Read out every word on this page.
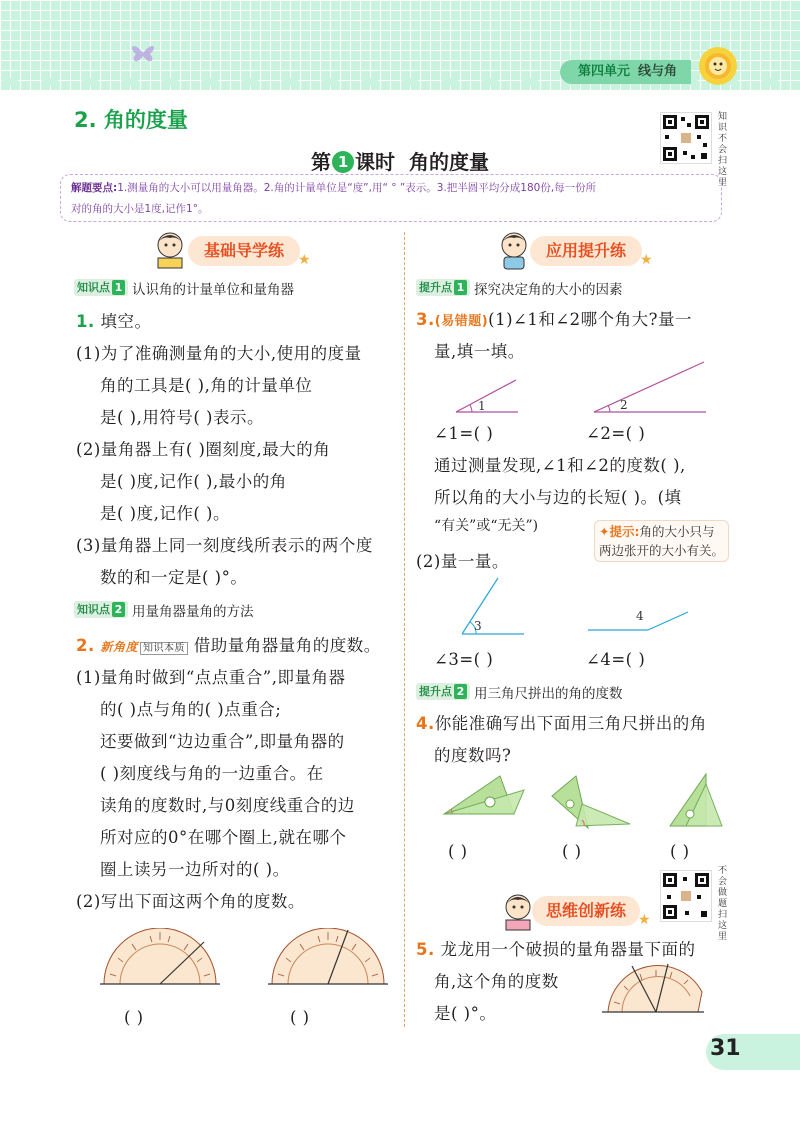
第四单元 线与角
2. 角的度量
第 1 课时 角的度量
知识不会扫这里
解题要点:1.测量角的大小可以用量角器。2.角的计量单位是“度”,用“ ° ”表示。3.把半圆平均分成180份,每一份所
对的角的大小是1度,记作1°。
基础导学练	★
知识点 1 认识角的计量单位和量角器
1. 填空。
(1)为了准确测量角的大小,使用的度量
角的工具是( ),角的计量单位
是( ),用符号( )表示。
(2)量角器上有( )圈刻度,最大的角
是( )度,记作( ),最小的角
是( )度,记作( )。
(3)量角器上同一刻度线所表示的两个度
数的和一定是( )°。
知识点 2 用量角器量角的方法
2. 新角度 知识本质 借助量角器量角的度数。
(1)量角时做到“点点重合”,即量角器
的( )点与角的( )点重合;
还要做到“边边重合”,即量角器的
( )刻度线与角的一边重合。在
读角的度数时,与0刻度线重合的边
所对应的0°在哪个圈上,就在哪个
圈上读另一边所对的( )。
(2)写出下面这两个角的度数。
( )	( )
应用提升练	★
提升点 1 探究决定角的大小的因素
3.(易错题)(1)∠1和∠2哪个角大?量一
量,填一填。
1	2
∠1=( )	∠2=( )
通过测量发现,∠1和∠2的度数( ),
所以角的大小与边的长短( )。(填
“有关”或“无关”)	✦提示:角的大小只与
两边张开的大小有关。
(2)量一量。
3
4
∠3=( )	∠4=( )
提升点 2 用三角尺拼出的角的度数
4.你能准确写出下面用三角尺拼出的角
的度数吗?
( )	( )	( )
思维创新练 ★
不会做题扫这里
5. 龙龙用一个破损的量角器量下面的
角,这个角的度数
是( )°。
31
